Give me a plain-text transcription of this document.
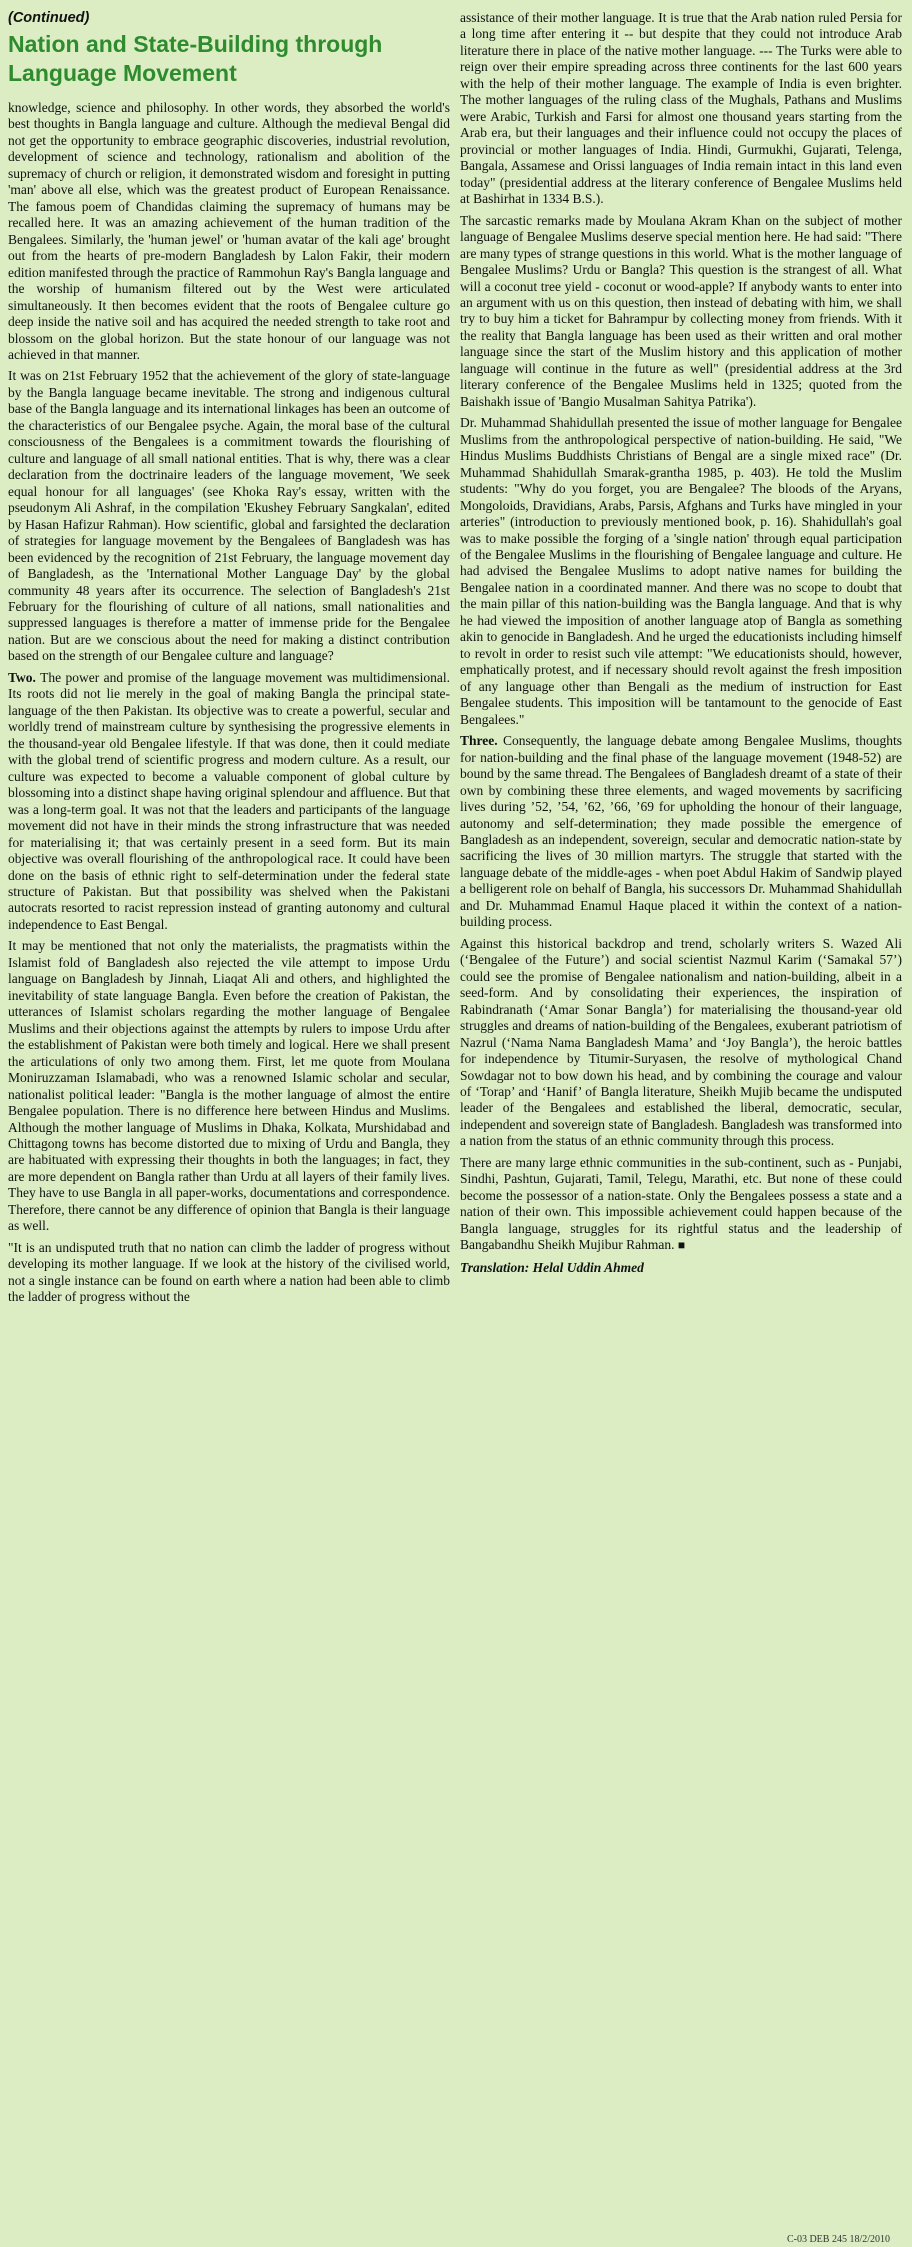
(Continued)
Nation and State-Building through Language Movement

knowledge, science and philosophy. In other words, they absorbed the world's best thoughts in Bangla language and culture. Although the medieval Bengal did not get the opportunity to embrace geographic discoveries, industrial revolution, development of science and technology, rationalism and abolition of the supremacy of church or religion, it demonstrated wisdom and foresight in putting 'man' above all else, which was the greatest product of European Renaissance. The famous poem of Chandidas claiming the supremacy of humans may be recalled here. It was an amazing achievement of the human tradition of the Bengalees. Similarly, the 'human jewel' or 'human avatar of the kali age' brought out from the hearts of pre-modern Bangladesh by Lalon Fakir, their modern edition manifested through the practice of Rammohun Ray's Bangla language and the worship of humanism filtered out by the West were articulated simultaneously. It then becomes evident that the roots of Bengalee culture go deep inside the native soil and has acquired the needed strength to take root and blossom on the global horizon. But the state honour of our language was not achieved in that manner.

It was on 21st February 1952 that the achievement of the glory of state-language by the Bangla language became inevitable. The strong and indigenous cultural base of the Bangla language and its international linkages has been an outcome of the characteristics of our Bengalee psyche. Again, the moral base of the cultural consciousness of the Bengalees is a commitment towards the flourishing of culture and language of all small national entities. That is why, there was a clear declaration from the doctrinaire leaders of the language movement, 'We seek equal honour for all languages' (see Khoka Ray's essay, written with the pseudonym Ali Ashraf, in the compilation 'Ekushey February Sangkalan', edited by Hasan Hafizur Rahman). How scientific, global and farsighted the declaration of strategies for language movement by the Bengalees of Bangladesh was has been evidenced by the recognition of 21st February, the language movement day of Bangladesh, as the 'International Mother Language Day' by the global community 48 years after its occurrence. The selection of Bangladesh's 21st February for the flourishing of culture of all nations, small nationalities and suppressed languages is therefore a matter of immense pride for the Bengalee nation. But are we conscious about the need for making a distinct contribution based on the strength of our Bengalee culture and language?

Two. The power and promise of the language movement was multidimensional. Its roots did not lie merely in the goal of making Bangla the principal state-language of the then Pakistan. Its objective was to create a powerful, secular and worldly trend of mainstream culture by synthesising the progressive elements in the thousand-year old Bengalee lifestyle. If that was done, then it could mediate with the global trend of scientific progress and modern culture. As a result, our culture was expected to become a valuable component of global culture by blossoming into a distinct shape having original splendour and affluence. But that was a long-term goal. It was not that the leaders and participants of the language movement did not have in their minds the strong infrastructure that was needed for materialising it; that was certainly present in a seed form. But its main objective was overall flourishing of the anthropological race. It could have been done on the basis of ethnic right to self-determination under the federal state structure of Pakistan. But that possibility was shelved when the Pakistani autocrats resorted to racist repression instead of granting autonomy and cultural independence to East Bengal.

It may be mentioned that not only the materialists, the pragmatists within the Islamist fold of Bangladesh also rejected the vile attempt to impose Urdu language on Bangladesh by Jinnah, Liaqat Ali and others, and highlighted the inevitability of state language Bangla. Even before the creation of Pakistan, the utterances of Islamist scholars regarding the mother language of Bengalee Muslims and their objections against the attempts by rulers to impose Urdu after the establishment of Pakistan were both timely and logical. Here we shall present the articulations of only two among them. First, let me quote from Moulana Moniruzzaman Islamabadi, who was a renowned Islamic scholar and secular, nationalist political leader: "Bangla is the mother language of almost the entire Bengalee population. There is no difference here between Hindus and Muslims. Although the mother language of Muslims in Dhaka, Kolkata, Murshidabad and Chittagong towns has become distorted due to mixing of Urdu and Bangla, they are habituated with expressing their thoughts in both the languages; in fact, they are more dependent on Bangla rather than Urdu at all layers of their family lives. They have to use Bangla in all paper-works, documentations and correspondence. Therefore, there cannot be any difference of opinion that Bangla is their language as well.

"It is an undisputed truth that no nation can climb the ladder of progress without developing its mother language. If we look at the history of the civilised world, not a single instance can be found on earth where a nation had been able to climb the ladder of progress without the

assistance of their mother language. It is true that the Arab nation ruled Persia for a long time after entering it -- but despite that they could not introduce Arab literature there in place of the native mother language. --- The Turks were able to reign over their empire spreading across three continents for the last 600 years with the help of their mother language. The example of India is even brighter. The mother languages of the ruling class of the Mughals, Pathans and Muslims were Arabic, Turkish and Farsi for almost one thousand years starting from the Arab era, but their languages and their influence could not occupy the places of provincial or mother languages of India. Hindi, Gurmukhi, Gujarati, Telenga, Bangala, Assamese and Orissi languages of India remain intact in this land even today" (presidential address at the literary conference of Bengalee Muslims held at Bashirhat in 1334 B.S.).

The sarcastic remarks made by Moulana Akram Khan on the subject of mother language of Bengalee Muslims deserve special mention here. He had said: "There are many types of strange questions in this world. What is the mother language of Bengalee Muslims? Urdu or Bangla? This question is the strangest of all. What will a coconut tree yield - coconut or wood-apple? If anybody wants to enter into an argument with us on this question, then instead of debating with him, we shall try to buy him a ticket for Bahrampur by collecting money from friends. With it the reality that Bangla language has been used as their written and oral mother language since the start of the Muslim history and this application of mother language will continue in the future as well" (presidential address at the 3rd literary conference of the Bengalee Muslims held in 1325; quoted from the Baishakh issue of 'Bangio Musalman Sahitya Patrika').

Dr. Muhammad Shahidullah presented the issue of mother language for Bengalee Muslims from the anthropological perspective of nation-building. He said, "We Hindus Muslims Buddhists Christians of Bengal are a single mixed race" (Dr. Muhammad Shahidullah Smarak-grantha 1985, p. 403). He told the Muslim students: "Why do you forget, you are Bengalee? The bloods of the Aryans, Mongoloids, Dravidians, Arabs, Parsis, Afghans and Turks have mingled in your arteries" (introduction to previously mentioned book, p. 16). Shahidullah's goal was to make possible the forging of a 'single nation' through equal participation of the Bengalee Muslims in the flourishing of Bengalee language and culture. He had advised the Bengalee Muslims to adopt native names for building the Bengalee nation in a coordinated manner. And there was no scope to doubt that the main pillar of this nation-building was the Bangla language. And that is why he had viewed the imposition of another language atop of Bangla as something akin to genocide in Bangladesh. And he urged the educationists including himself to revolt in order to resist such vile attempt: "We educationists should, however, emphatically protest, and if necessary should revolt against the fresh imposition of any language other than Bengali as the medium of instruction for East Bengalee students. This imposition will be tantamount to the genocide of East Bengalees."

Three. Consequently, the language debate among Bengalee Muslims, thoughts for nation-building and the final phase of the language movement (1948-52) are bound by the same thread. The Bengalees of Bangladesh dreamt of a state of their own by combining these three elements, and waged movements by sacrificing lives during ’52, ’54, ’62, ’66, ’69 for upholding the honour of their language, autonomy and self-determination; they made possible the emergence of Bangladesh as an independent, sovereign, secular and democratic nation-state by sacrificing the lives of 30 million martyrs. The struggle that started with the language debate of the middle-ages - when poet Abdul Hakim of Sandwip played a belligerent role on behalf of Bangla, his successors Dr. Muhammad Shahidullah and Dr. Muhammad Enamul Haque placed it within the context of a nation-building process.

Against this historical backdrop and trend, scholarly writers S. Wazed Ali (‘Bengalee of the Future’) and social scientist Nazmul Karim (‘Samakal 57’) could see the promise of Bengalee nationalism and nation-building, albeit in a seed-form. And by consolidating their experiences, the inspiration of Rabindranath (‘Amar Sonar Bangla’) for materialising the thousand-year old struggles and dreams of nation-building of the Bengalees, exuberant patriotism of Nazrul (‘Nama Nama Bangladesh Mama’ and ‘Joy Bangla’), the heroic battles for independence by Titumir-Suryasen, the resolve of mythological Chand Sowdagar not to bow down his head, and by combining the courage and valour of ‘Torap’ and ‘Hanif’ of Bangla literature, Sheikh Mujib became the undisputed leader of the Bengalees and established the liberal, democratic, secular, independent and sovereign state of Bangladesh. Bangladesh was transformed into a nation from the status of an ethnic community through this process.

There are many large ethnic communities in the sub-continent, such as - Punjabi, Sindhi, Pashtun, Gujarati, Tamil, Telegu, Marathi, etc. But none of these could become the possessor of a nation-state. Only the Bengalees possess a state and a nation of their own. This impossible achievement could happen because of the Bangla language, struggles for its rightful status and the leadership of Bangabandhu Sheikh Mujibur Rahman. ■

Translation: Helal Uddin Ahmed
C-03 DEB 245 18/2/2010
